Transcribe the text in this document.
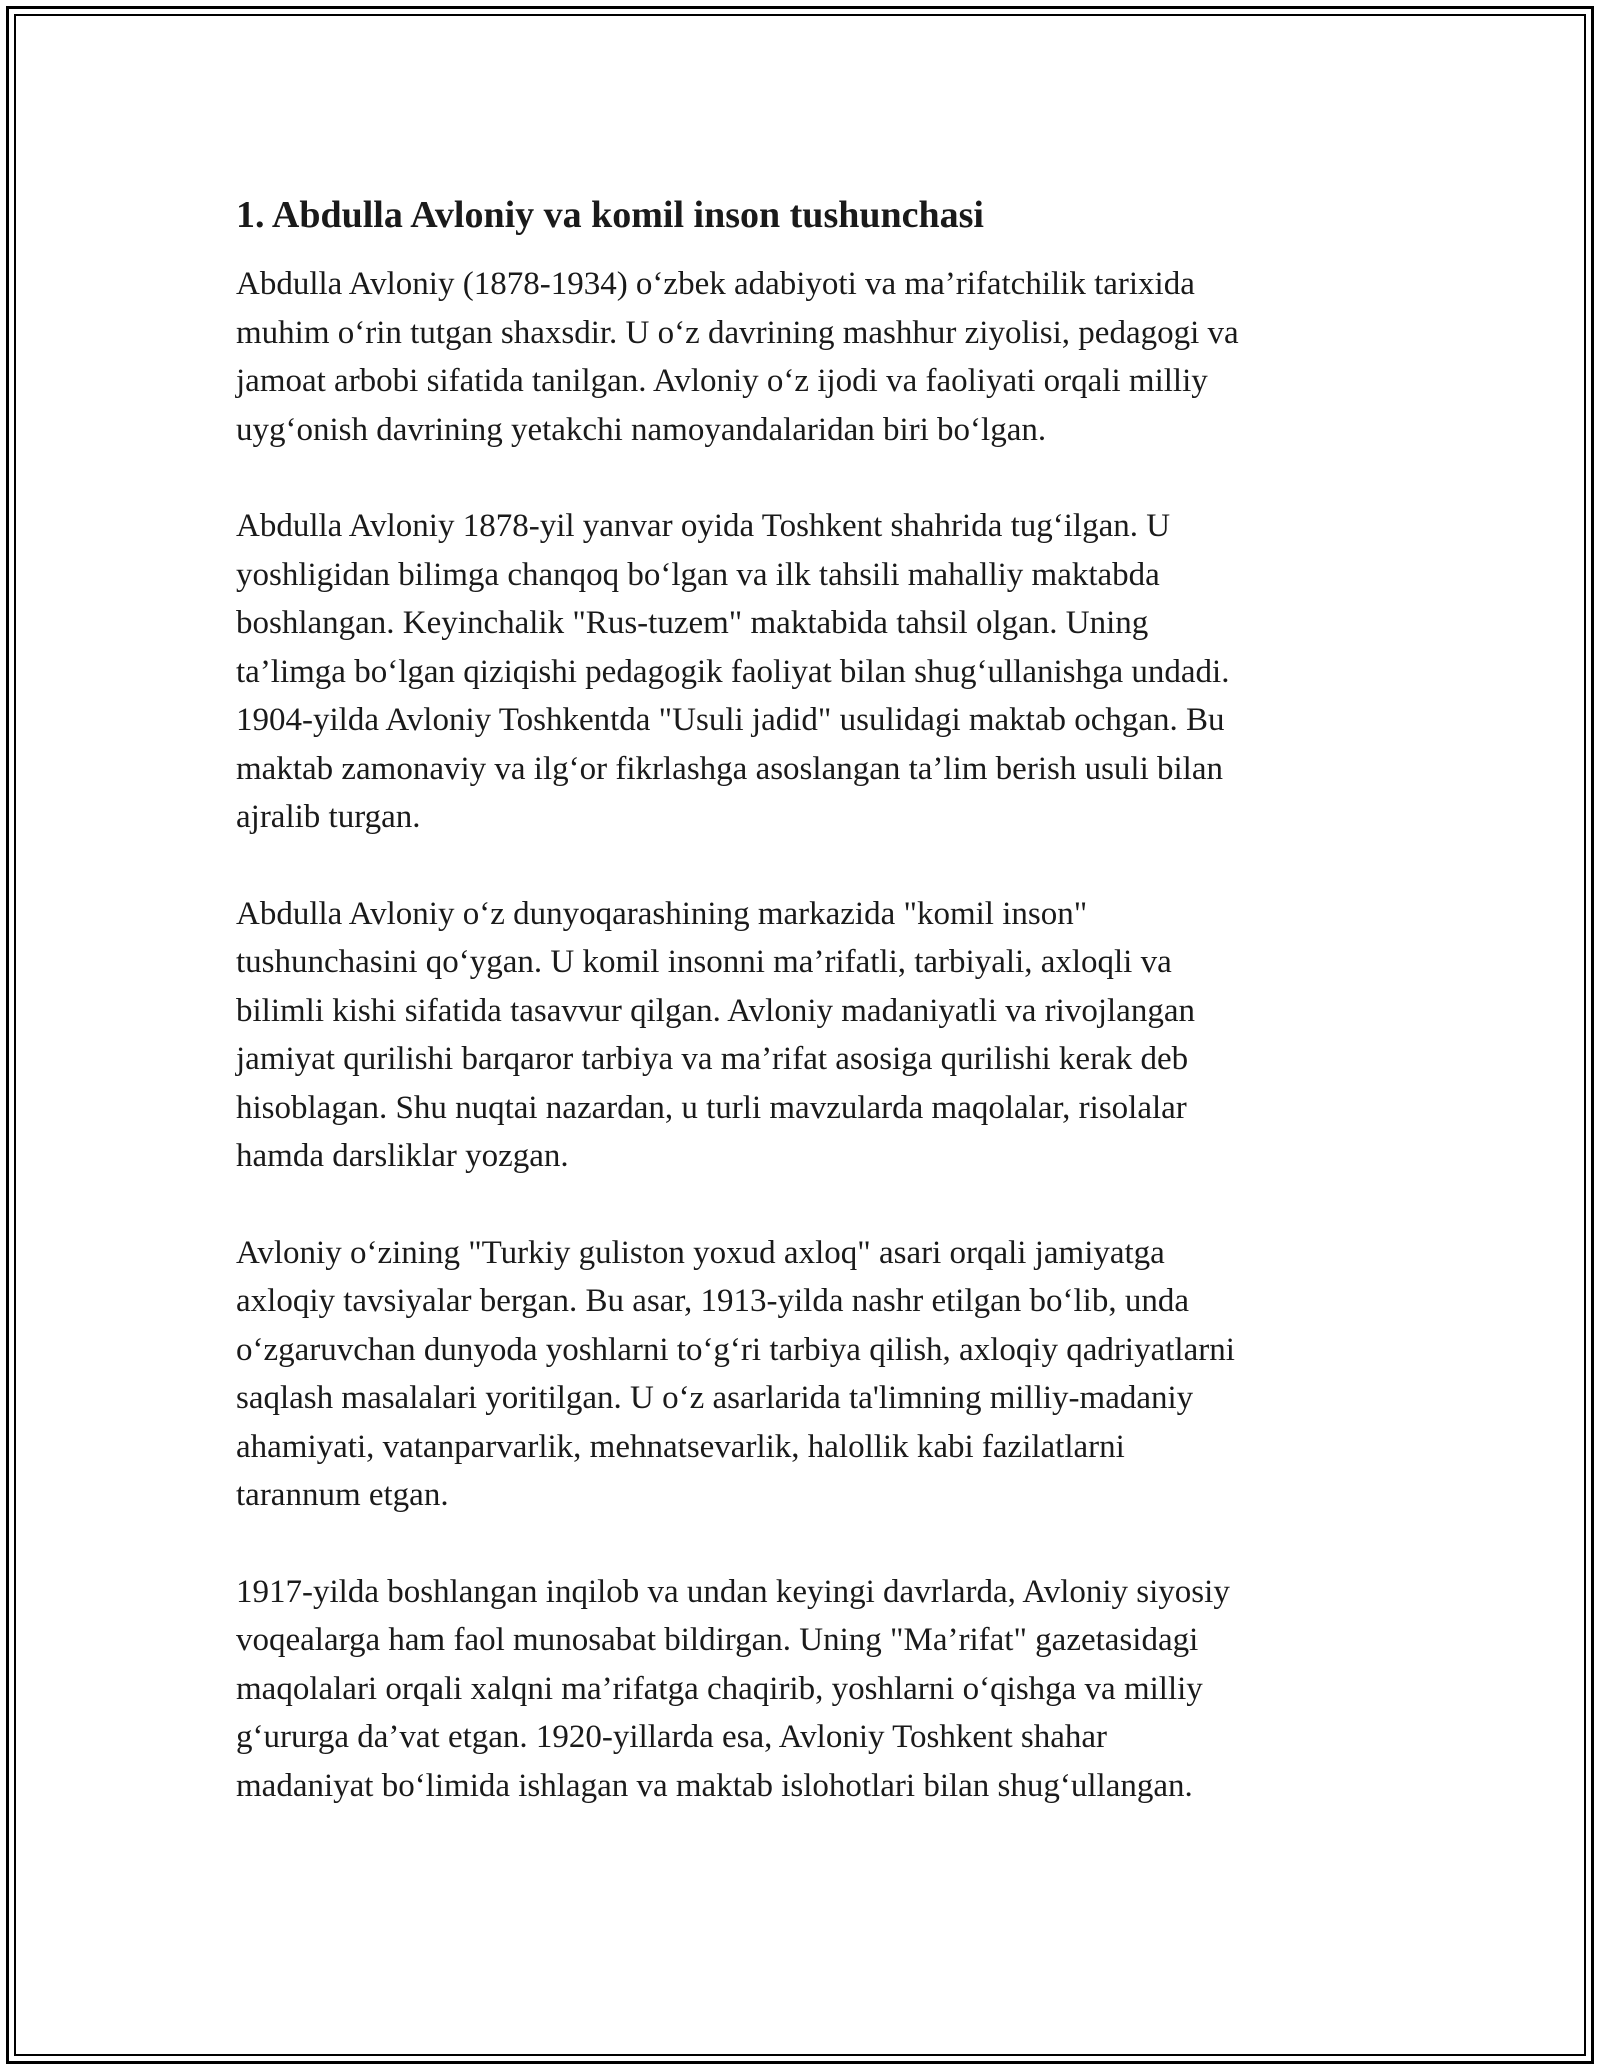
1. Abdulla Avloniy va komil inson tushunchasi

Abdulla Avloniy (1878-1934) o‘zbek adabiyoti va ma’rifatchilik tarixida
muhim o‘rin tutgan shaxsdir. U o‘z davrining mashhur ziyolisi, pedagogi va
jamoat arbobi sifatida tanilgan. Avloniy o‘z ijodi va faoliyati orqali milliy
uyg‘onish davrining yetakchi namoyandalaridan biri bo‘lgan.

Abdulla Avloniy 1878-yil yanvar oyida Toshkent shahrida tug‘ilgan. U
yoshligidan bilimga chanqoq bo‘lgan va ilk tahsili mahalliy maktabda
boshlangan. Keyinchalik "Rus-tuzem" maktabida tahsil olgan. Uning
ta’limga bo‘lgan qiziqishi pedagogik faoliyat bilan shug‘ullanishga undadi.
1904-yilda Avloniy Toshkentda "Usuli jadid" usulidagi maktab ochgan. Bu
maktab zamonaviy va ilg‘or fikrlashga asoslangan ta’lim berish usuli bilan
ajralib turgan.

Abdulla Avloniy o‘z dunyoqarashining markazida "komil inson"
tushunchasini qo‘ygan. U komil insonni ma’rifatli, tarbiyali, axloqli va
bilimli kishi sifatida tasavvur qilgan. Avloniy madaniyatli va rivojlangan
jamiyat qurilishi barqaror tarbiya va ma’rifat asosiga qurilishi kerak deb
hisoblagan. Shu nuqtai nazardan, u turli mavzularda maqolalar, risolalar
hamda darsliklar yozgan.

Avloniy o‘zining "Turkiy guliston yoxud axloq" asari orqali jamiyatga
axloqiy tavsiyalar bergan. Bu asar, 1913-yilda nashr etilgan bo‘lib, unda
o‘zgaruvchan dunyoda yoshlarni to‘g‘ri tarbiya qilish, axloqiy qadriyatlarni
saqlash masalalari yoritilgan. U o‘z asarlarida ta'limning milliy-madaniy
ahamiyati, vatanparvarlik, mehnatsevarlik, halollik kabi fazilatlarni
tarannum etgan.

1917-yilda boshlangan inqilob va undan keyingi davrlarda, Avloniy siyosiy
voqealarga ham faol munosabat bildirgan. Uning "Ma’rifat" gazetasidagi
maqolalari orqali xalqni ma’rifatga chaqirib, yoshlarni o‘qishga va milliy
g‘ururga da’vat etgan. 1920-yillarda esa, Avloniy Toshkent shahar
madaniyat bo‘limida ishlagan va maktab islohotlari bilan shug‘ullangan.
